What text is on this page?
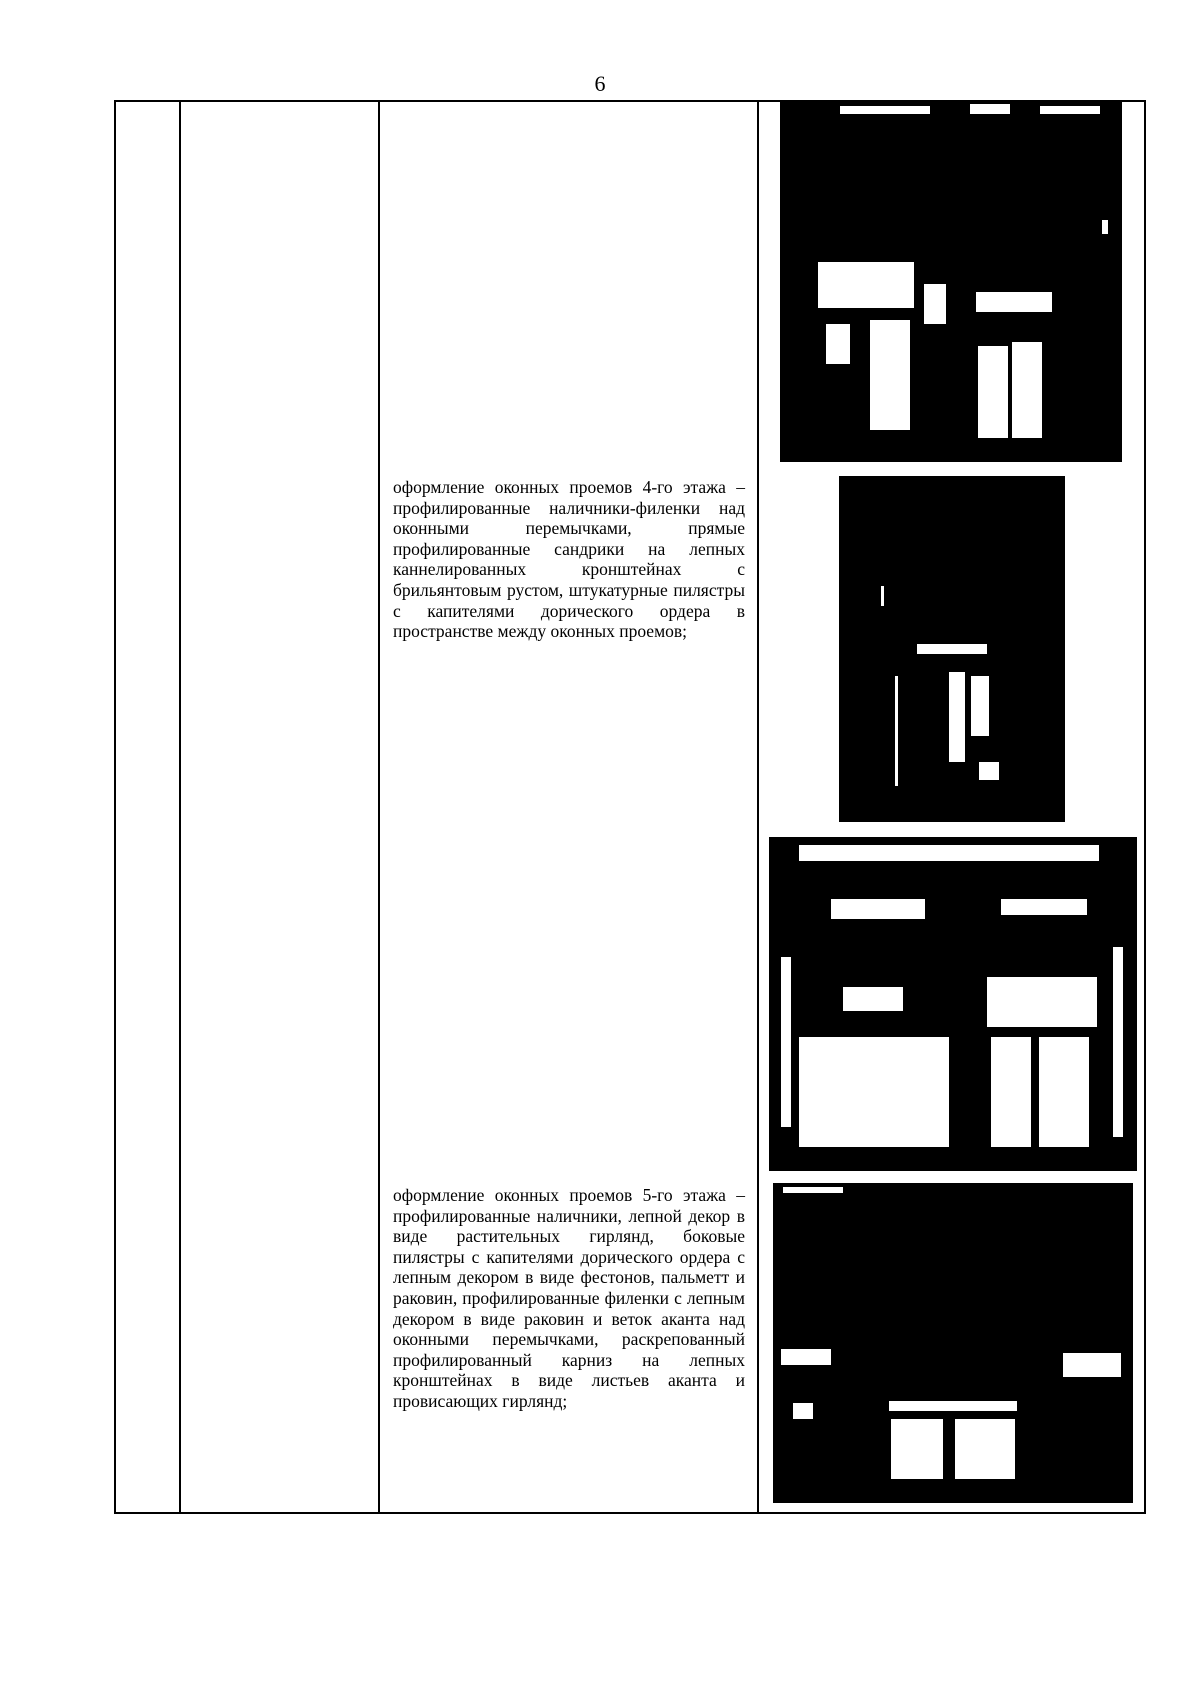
6

оформление оконных проемов 4-го этажа – профилированные наличники-филенки над оконными перемычками, прямые профилированные сандрики на лепных каннелированных кронштейнах с брильянтовым рустом, штукатурные пилястры с капителями дорического ордера в пространстве между оконных проемов;

оформление оконных проемов 5-го этажа – профилированные наличники, лепной декор в виде растительных гирлянд, боковые пилястры с капителями дорического ордера с лепным декором в виде фестонов, пальметт и раковин, профилированные филенки с лепным декором в виде раковин и веток аканта над оконными перемычками, раскрепованный профилированный карниз на лепных кронштейнах в виде листьев аканта и провисающих гирлянд;
